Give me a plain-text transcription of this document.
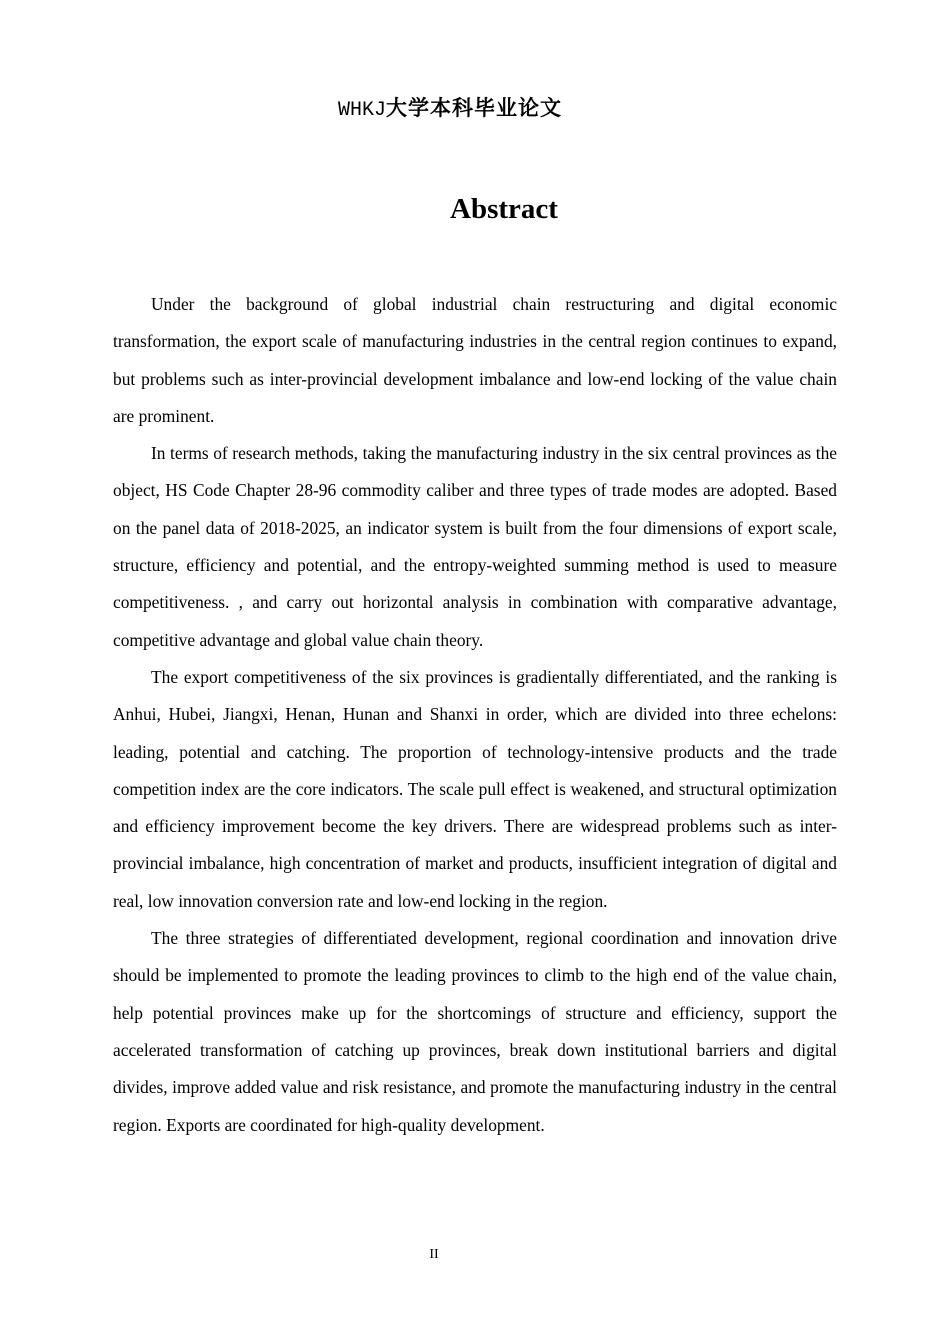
WHKJ大学本科毕业论文
Abstract

Under the background of global industrial chain restructuring and digital economic transformation, the export scale of manufacturing industries in the central region continues to expand, but problems such as inter-provincial development imbalance and low-end locking of the value chain are prominent.

In terms of research methods, taking the manufacturing industry in the six central provinces as the object, HS Code Chapter 28-96 commodity caliber and three types of trade modes are adopted. Based on the panel data of 2018-2025, an indicator system is built from the four dimensions of export scale, structure, efficiency and potential, and the entropy-weighted summing method is used to measure competitiveness. , and carry out horizontal analysis in combination with comparative advantage, competitive advantage and global value chain theory.

The export competitiveness of the six provinces is gradientally differentiated, and the ranking is Anhui, Hubei, Jiangxi, Henan, Hunan and Shanxi in order, which are divided into three echelons: leading, potential and catching. The proportion of technology-intensive products and the trade competition index are the core indicators. The scale pull effect is weakened, and structural optimization and efficiency improvement become the key drivers. There are widespread problems such as inter-provincial imbalance, high concentration of market and products, insufficient integration of digital and real, low innovation conversion rate and low-end locking in the region.

The three strategies of differentiated development, regional coordination and innovation drive should be implemented to promote the leading provinces to climb to the high end of the value chain, help potential provinces make up for the shortcomings of structure and efficiency, support the accelerated transformation of catching up provinces, break down institutional barriers and digital divides, improve added value and risk resistance, and promote the manufacturing industry in the central region. Exports are coordinated for high-quality development.

II
